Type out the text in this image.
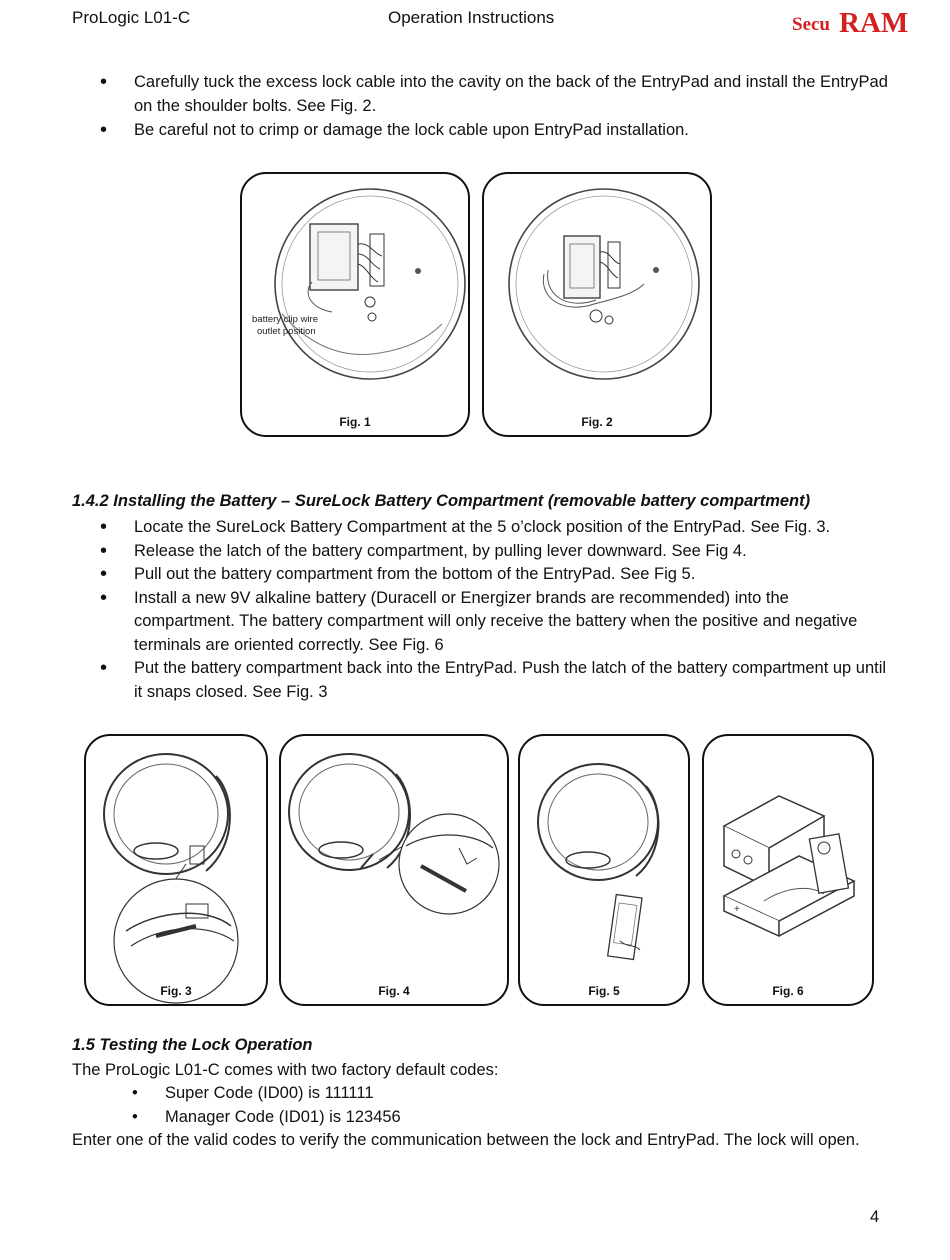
ProLogic L01-C	Operation Instructions	Secu RAM
• Carefully tuck the excess lock cable into the cavity on the back of the EntryPad and install the EntryPad on the shoulder bolts. See Fig. 2.
• Be careful not to crimp or damage the lock cable upon EntryPad installation.
battery clip wire
outlet position
Fig. 1	Fig. 2
1.4.2 Installing the Battery – SureLock Battery Compartment (removable battery compartment)
• Locate the SureLock Battery Compartment at the 5 o’clock position of the EntryPad. See Fig. 3.
• Release the latch of the battery compartment, by pulling lever downward. See Fig 4.
• Pull out the battery compartment from the bottom of the EntryPad. See Fig 5.
• Install a new 9V alkaline battery (Duracell or Energizer brands are recommended) into the compartment. The battery compartment will only receive the battery when the positive and negative terminals are oriented correctly. See Fig. 6
• Put the battery compartment back into the EntryPad. Push the latch of the battery compartment up until it snaps closed. See Fig. 3
Fig. 3	Fig. 4	Fig. 5
+
Fig. 6
1.5 Testing the Lock Operation
The ProLogic L01-C comes with two factory default codes:
• Super Code (ID00) is 111111
• Manager Code (ID01) is 123456
Enter one of the valid codes to verify the communication between the lock and EntryPad. The lock will open.
4
